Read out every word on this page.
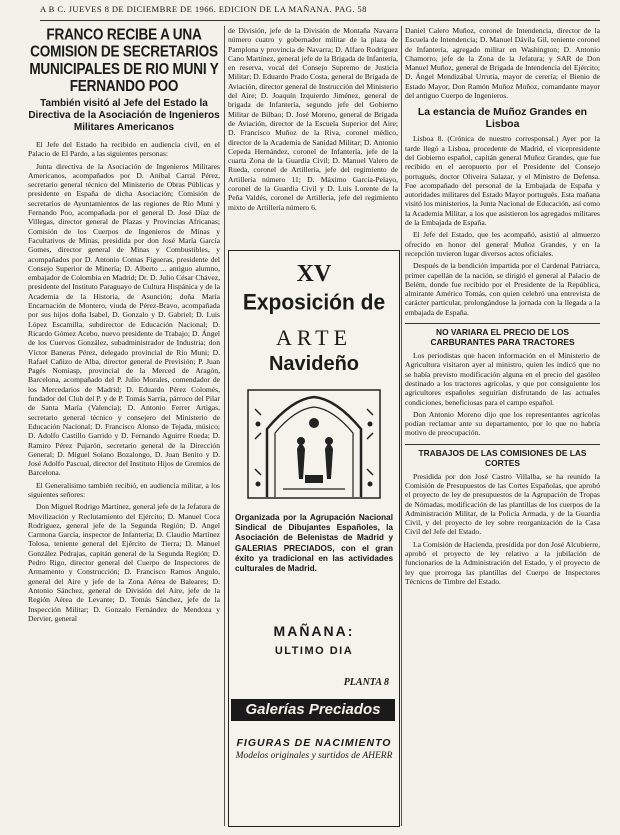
A B C. JUEVES 8 DE DICIEMBRE DE 1966. EDICION DE LA MAÑANA. PAG. 58
FRANCO RECIBE A UNA COMISION DE SECRETARIOS MUNICIPALES DE RIO MUNI Y FERNANDO POO
También visitó al Jefe del Estado la Directiva de la Asociación de Ingenieros Militares Americanos

El Jefe del Estado ha recibido en audiencia civil, en el Palacio de El Pardo, a las siguientes personas:

Junta directiva de la Asociación de Ingenieros Militares Americanos, acompañados por D. Aníbal Carral Pérez, secretario general técnico del Ministerio de Obras Públicas y presidente en España de dicha Asociación; Comisión de secretarios de Ayuntamientos de las regiones de Río Muni y Fernando Poo, acompañada por el general D. José Díaz de Villegas, director general de Plazas y Provincias Africanas; Comisión de los Cuerpos de Ingenieros de Minas y Facultativos de Minas, presidida por don José María García Gomes, director general de Minas y Combustibles, y acompañados por D. Antonio Comas Figueras, presidente del Consejo Superior de Minería; D. Alberto ... antiguo alumno, embajador de Colombia en Madrid; Dr. D. Julio César Chávez, presidente del Instituto Paraguayo de Cultura Hispánica y de la Academia de la Historia, de Asunción; doña María Encarnación de Montero, viuda de Pérez-Bravo, acompañada por sus hijos doña Isabel, D. Gonzalo y D. Gabriel; D. Luis López Escamilla, subdirector de Educación Nacional; D. Ricardo Gómez Acebo, nuevo presidente de Trabajo; D. Ángel de los Cuervos González, subadministrador de Industria; don Víctor Baneras Pérez, delegado provincial de Río Muni; D. Rafael Cañizo de Alba, director general de Previsión; P. Juan Pagés Nomiasp, provincial de la Merced de Aragón, Barcelona, acompañado del P. Julio Morales, comendador de los Mercedarios de Madrid; D. Eduardo Pérez Colomés, fundador del Club del P. y de P. Tomás Sarria, párroco del Pilar de Santa María (Valencia); D. Antonio Ferrer Artigas, secretario general técnico y consejero del Ministerio de Educación Nacional; D. Francisco Alonso de Tejada, músico; D. Adolfo Castillo Garrido y D. Fernando Aguirre Rueda; D. Ramiro Pérez Pujarón, secretario general de la Dirección General; D. Miguel Solano Bozalongo, D. Juan Benito y D. José Adolfo Pascual, director del Instituto Hijos de Gremios de Barcelona.

El Generalísimo también recibió, en audiencia militar, a los siguientes señores:

Don Miguel Rodrigo Martínez, general jefe de la Jefatura de Movilización y Reclutamiento del Ejército; D. Manuel Coca Rodríguez, general jefe de la Segunda Región; D. Angel Carmona García, inspector de Infantería; D. Claudio Martínez Tolosa, teniente general del Ejército de Tierra; D. Manuel González Pedrajas, capitán general de la Segunda Región; D. Pedro Rigo, director general del Cuerpo de Inspectores de Armamento y Construcción; D. Francisco Ramos Angulo, general del Aire y jefe de la Zona Aérea de Baleares; D. Antonio Sánchez, general de División del Aire, jefe de la Región Aérea de Levante; D. Tomás Sánchez, jefe de la Inspección Militar; D. Gonzalo Fernández de Mendoza y Dervier, general

de División, jefe de la División de Montaña Navarra número cuatro y gobernador militar de la plaza de Pamplona y provincia de Navarra; D. Alfaro Rodríguez Cano Martínez, general jefe de la Brigada de Infantería, en reserva, vocal del Consejo Supremo de Justicia Militar; D. Eduardo Prado Costa, general de Brigada de Aviación, director general de Instrucción del Ministerio del Aire; D. Joaquín Izquierdo Jiménez, general de brigada de Infantería, segundo jefe del Gobierno Militar de Bilbao; D. José Moreno, general de Brigada de Aviación, director de la Escuela Superior del Aire; D. Francisco Muñoz de la Riva, coronel médico, director de la Academia de Sanidad Militar; D. Antonio Cepeda Hernández, coronel de Infantería, jefe de la cuarta Zona de la Guardia Civil; D. Manuel Valero de Rueda, coronel de Artillería, jefe del regimiento de Artillería número 11; D. Máximo García-Pelayo, coronel de la Guardia Civil y D. Luis Lorente de la Peña Valdés, coronel de Artillería, jefe del regimiento mixto de Artillería número 6.

XV
Exposición de
ARTE
Navideño
Organizada por la Agrupación Nacional Sindical de Dibujantes Españoles, la Asociación de Belenistas de Madrid y GALERIAS PRECIADOS, con el gran éxito ya tradicional en las actividades culturales de Madrid.
MAÑANA:
ULTIMO DIA
PLANTA 8
Galerías Preciados
FIGURAS DE NACIMIENTO
Modelos originales y surtidos de AHERR

Daniel Calero Muñoz, coronel de Intendencia, director de la Escuela de Intendencia; D. Manuel Dávila Gil, teniente coronel de Infantería, agregado militar en Washington; D. Antonio Chamorro, jefe de la Zona de la Jefatura; y SAR de Don Manuel Muñoz, general de Brigada de Intendencia del Ejército; D. Ángel Mendizábal Urrutia, mayor de cerería; el Bienio de Estado Mayor, Don Ramón Muñoz Muñoz, comandante mayor del antiguo Cuerpo de Ingenieros.

La estancia de Muñoz Grandes en Lisboa

Lisboa 8. (Crónica de nuestro corresponsal.) Ayer por la tarde llegó a Lisboa, procedente de Madrid, el vicepresidente del Gobierno español, capitán general Muñoz Grandes, que fue recibido en el aeropuerto por el Presidente del Consejo portugués, doctor Oliveira Salazar, y el Ministro de Defensa. Fue acompañado del personal de la Embajada de España y autoridades militares del Estado Mayor portugués. Esta mañana visitó los ministerios, la Junta Nacional de Educación, así como la Academia Militar, a los que asistieron los agregados militares de la Embajada de España.

El Jefe del Estado, que les acompañó, asistió al almuerzo ofrecido en honor del general Muñoz Grandes, y en la recepción tuvieron lugar diversos actos oficiales.

Después de la bendición impartida por el Cardenal Patriarca, primer capellán de la nación, se dirigió el general al Palacio de Belém, donde fue recibido por el Presidente de la República, almirante Américo Tomás, con quien celebró una entrevista de carácter particular, prolongándose la jornada con la llegada a la embajada de España.

NO VARIARA EL PRECIO DE LOS CARBURANTES PARA TRACTORES

Los periodistas que hacen información en el Ministerio de Agricultura visitaron ayer al ministro, quien les indicó que no se había previsto modificación alguna en el precio del gasóleo destinado a los tractores agrícolas, y que por consiguiente los agricultores españoles seguirían disfrutando de las actuales condiciones, beneficiosas para el campo español.

Don Antonio Moreno dijo que los representantes agrícolas podían reclamar ante su departamento, por lo que no habría motivo de preocupación.

TRABAJOS DE LAS COMISIONES DE LAS CORTES

Presidida por don José Castro Villalba, se ha reunido la Comisión de Presupuestos de las Cortes Españolas, que aprobó el proyecto de ley de presupuestos de la Agrupación de Tropas de Nómadas, modificación de las plantillas de los cuerpos de la Administración Militar, de la Policía Armada, y de la Guardia Civil, y del proyecto de ley sobre reorganización de la Casa Civil del Jefe del Estado.

La Comisión de Hacienda, presidida por don José Alcubierre, aprobó el proyecto de ley relativo a la jubilación de funcionarios de la Administración del Estado, y el proyecto de ley que prorroga las plantillas del Cuerpo de Inspectores Técnicos de Timbre del Estado.
